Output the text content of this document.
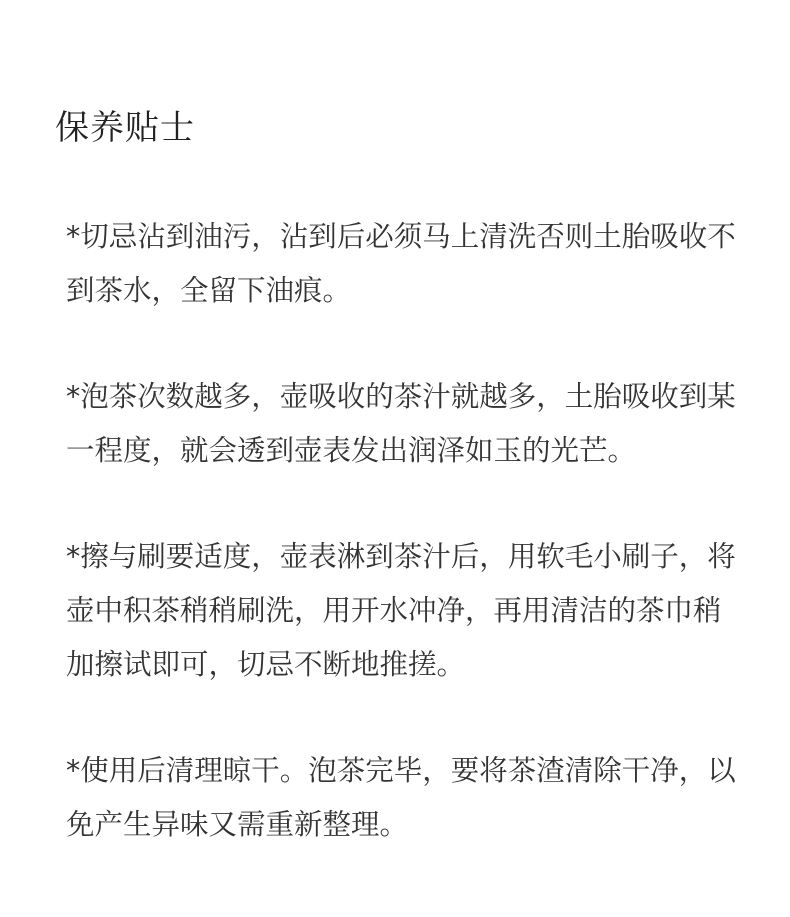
保养贴士

*切忌沾到油污，沾到后必须马上清洗否则土胎吸收不到茶水，全留下油痕。

*泡茶次数越多，壶吸收的茶汁就越多，土胎吸收到某一程度，就会透到壶表发出润泽如玉的光芒。

*擦与刷要适度，壶表淋到茶汁后，用软毛小刷子，将壶中积茶稍稍刷洗，用开水冲净，再用清洁的茶巾稍加擦试即可，切忌不断地推搓。

*使用后清理晾干。泡茶完毕，要将茶渣清除干净，以免产生异味又需重新整理。
